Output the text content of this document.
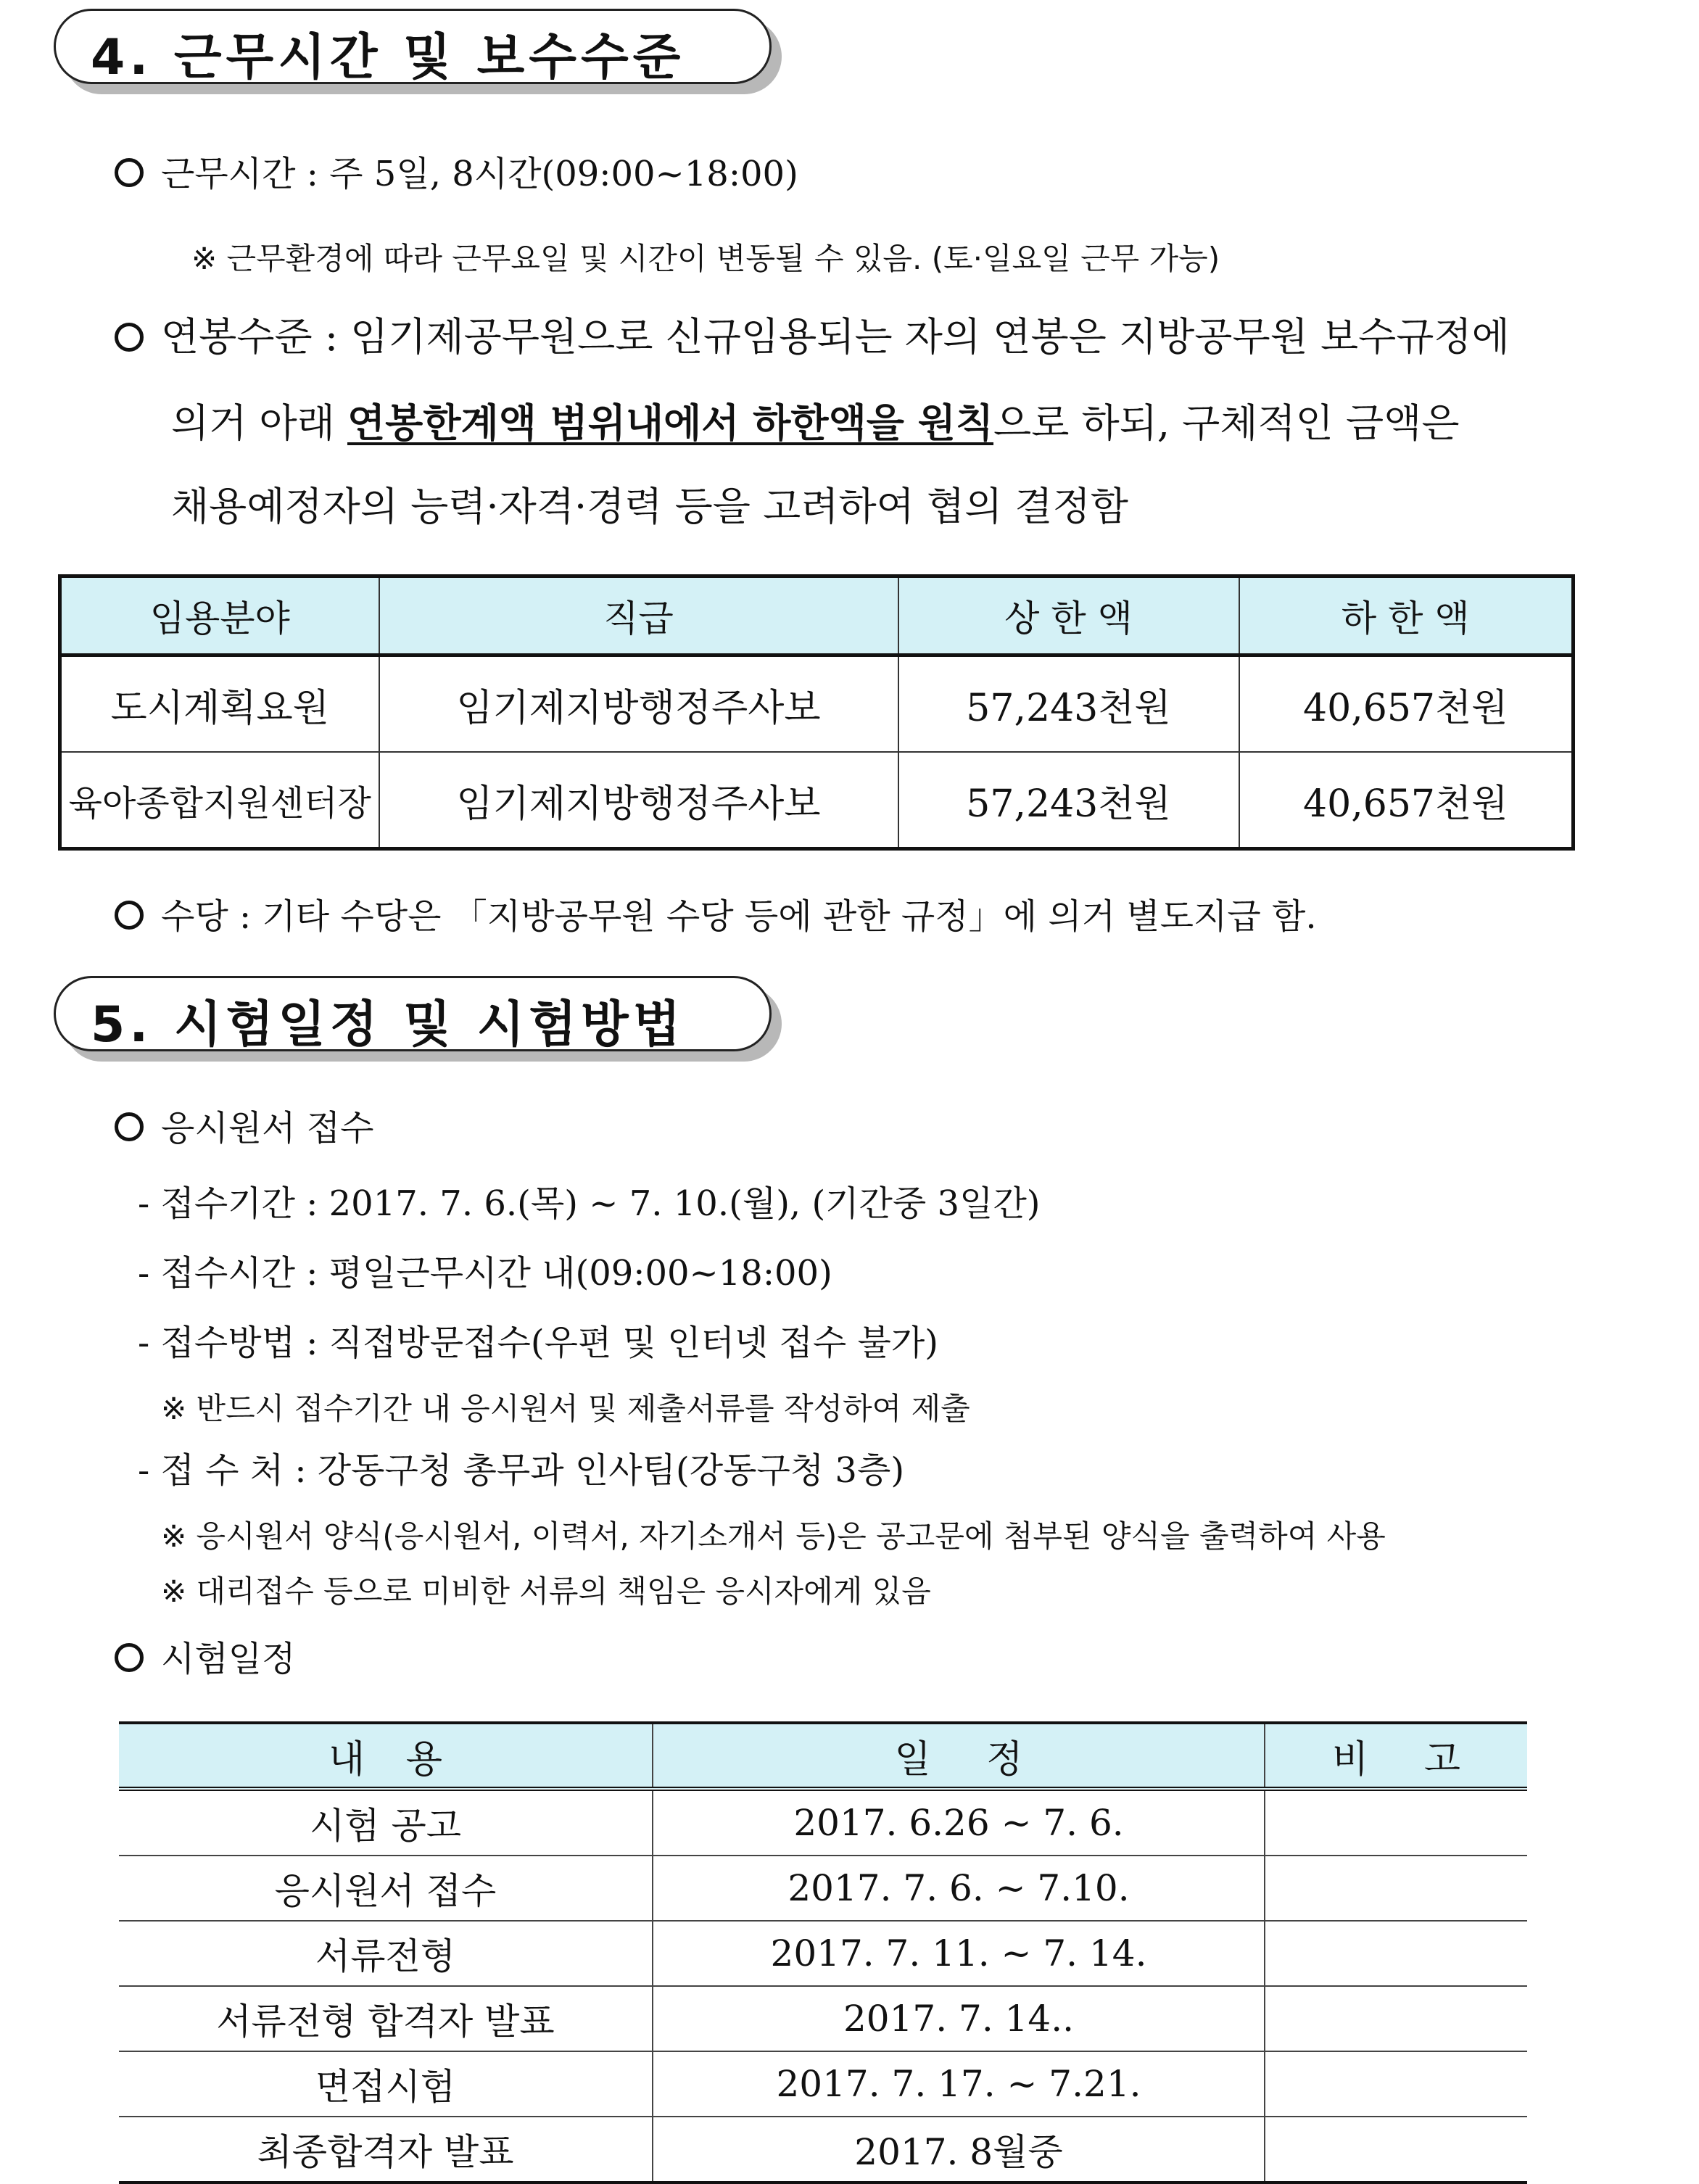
4. 근무시간 및 보수수준
근무시간 : 주 5일, 8시간(09:00~18:00)
※ 근무환경에 따라 근무요일 및 시간이 변동될 수 있음. (토·일요일 근무 가능)
연봉수준 : 임기제공무원으로 신규임용되는 자의 연봉은 지방공무원 보수규정에
의거 아래 연봉한계액 범위내에서 하한액을 원칙으로 하되, 구체적인 금액은
채용예정자의 능력·자격·경력 등을 고려하여 협의 결정함
임용분야	직급	상 한 액	하 한 액
도시계획요원	임기제지방행정주사보	57,243천원	40,657천원
육아종합지원센터장	임기제지방행정주사보	57,243천원	40,657천원
수당 : 기타 수당은 「지방공무원 수당 등에 관한 규정」에 의거 별도지급 함.
5. 시험일정 및 시험방법
응시원서 접수
- 접수기간 : 2017. 7. 6.(목) ~ 7. 10.(월), (기간중 3일간)
- 접수시간 : 평일근무시간 내(09:00~18:00)
- 접수방법 : 직접방문접수(우편 및 인터넷 접수 불가)
※ 반드시 접수기간 내 응시원서 및 제출서류를 작성하여 제출
- 접 수 처 : 강동구청 총무과 인사팀(강동구청 3층)
※ 응시원서 양식(응시원서, 이력서, 자기소개서 등)은 공고문에 첨부된 양식을 출력하여 사용
※ 대리접수 등으로 미비한 서류의 책임은 응시자에게 있음
시험일정
내 용	일 정	비 고
시험 공고	2017. 6.26 ~ 7. 6.	
응시원서 접수	2017. 7. 6. ~ 7.10.	
서류전형	2017. 7. 11. ~ 7. 14.	
서류전형 합격자 발표	2017. 7. 14..	
면접시험	2017. 7. 17. ~ 7.21.	
최종합격자 발표	2017. 8월중	
